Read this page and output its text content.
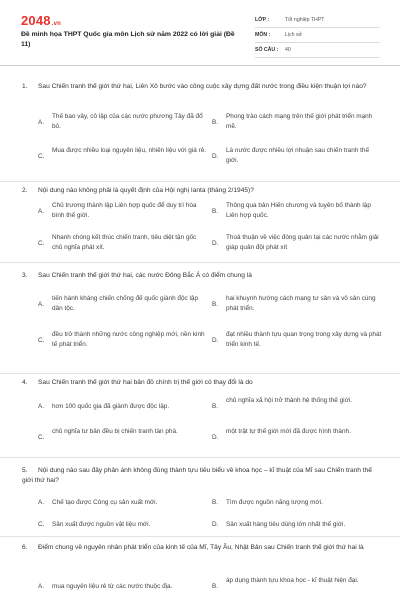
2048.vn
Đề minh họa THPT Quốc gia môn Lịch sử năm 2022 có lời giải (Đề 11)
LỚP :	Tốt nghiệp THPT
MÔN :	Lịch sử
SỐ CÂU :	40
1. Sau Chiến tranh thế giới thứ hai, Liên Xô bước vào công cuộc xây dựng đất nước trong điều kiện thuận lợi nào?
A.
Thế bao vây, cô lập của các nước phương Tây đã đổ bỏ.
B.
Phong trào cách mạng trên thế giới phát triển mạnh mẽ.
C.
Mua được nhiều loại nguyên liệu, nhiên liệu với giá rẻ.
D.
Là nước được nhiều lợi nhuận sau chiến tranh thế giới.
2. Nội dung nào không phải là quyết định của Hội nghị Ianta (tháng 2/1945)?
A.
Chủ trương thành lập Liên hợp quốc để duy trì hòa bình thế giới.
B.
Thông qua bản Hiến chương và tuyên bố thành lập Liên hợp quốc.
C.
Nhanh chóng kết thúc chiến tranh, tiêu diệt tận gốc chủ nghĩa phát xít.
D.
Thoả thuận về việc đóng quân tại các nước nhằm giải giáp quân đội phát xít
3. Sau Chiến tranh thế giới thứ hai, các nước Đông Bắc Á có điểm chung là
A.
tiến hành kháng chiến chống đế quốc giành độc lập dân tộc.
B.
hai khuynh hướng cách mạng tư sản và vô sản cùng phát triển.
C.
đều trở thành những nước công nghiệp mới, nền kinh tế phát triển.
D.
đạt nhiều thành tựu quan trọng trong xây dựng và phát triển kinh tế.
4. Sau Chiến tranh thế giới thứ hai bản đồ chính trị thế giới có thay đổi là do
A.	hơn 100 quốc gia đã giành được độc lập.	B.
chủ nghĩa xã hội trở thành hệ thống thế giới.
C.
chủ nghĩa tư bản đều bị chiến tranh tàn phá.
D.
một trật tự thế giới mới đã được hình thành.
5. Nội dung nào sau đây phản ánh không đúng thành tựu tiêu biểu về khoa học – kĩ thuật của Mĩ sau Chiến tranh thế giới thứ hai?
A.	Chế tạo được Công cụ sản xuất mới.	B.	Tìm được nguồn năng lượng mới.
C.	Sản xuất được nguồn vật liệu mới.	D.	Sản xuất hàng tiêu dùng lớn nhất thế giới.
6. Điểm chung về nguyên nhân phát triển của kinh tế của Mĩ, Tây Âu, Nhật Bản sau Chiến tranh thế giới thứ hai là
A.	mua nguyên liệu rẻ từ các nước thuộc địa.	B.
áp dụng thành tựu khoa học - kĩ thuật hiện đại.
